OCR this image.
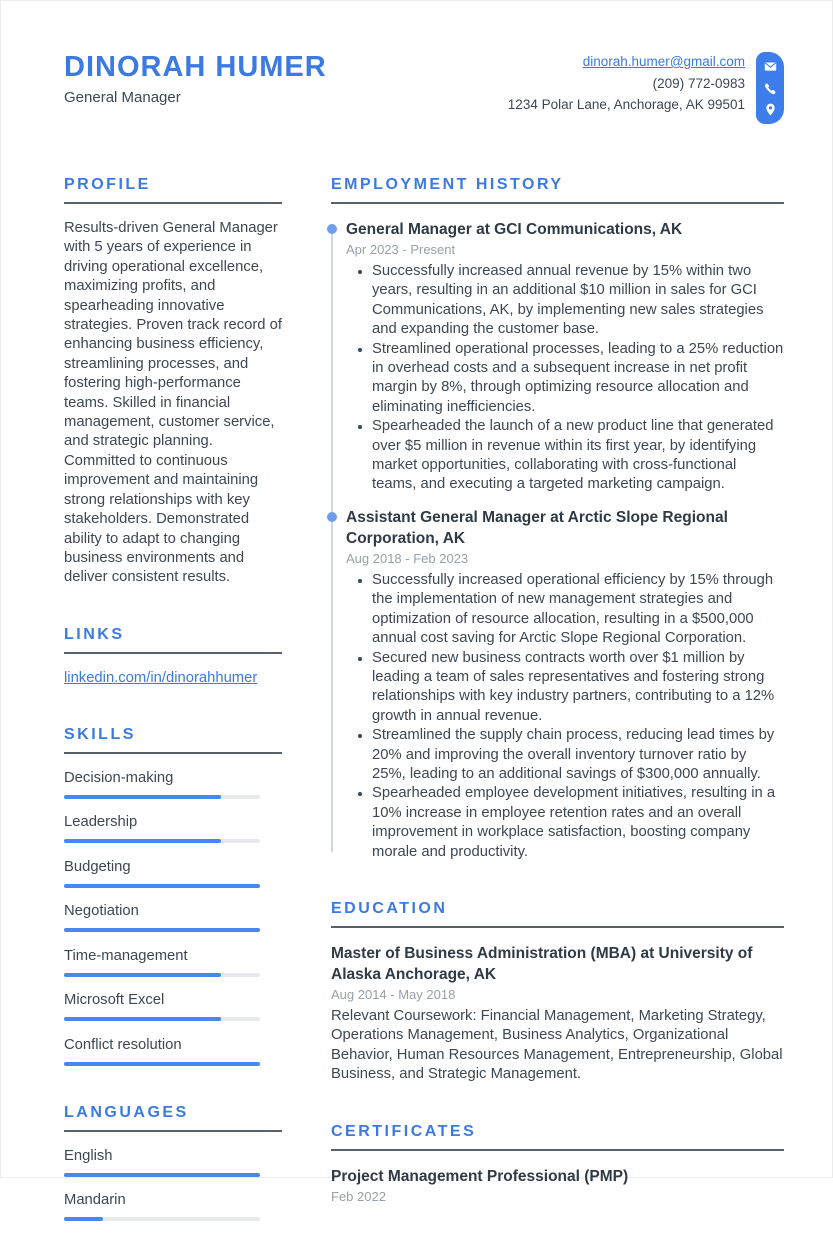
DINORAH HUMER
General Manager
dinorah.humer@gmail.com
(209) 772-0983
1234 Polar Lane, Anchorage, AK 99501
PROFILE
Results-driven General Manager with 5 years of experience in driving operational excellence, maximizing profits, and spearheading innovative strategies. Proven track record of enhancing business efficiency, streamlining processes, and fostering high-performance teams. Skilled in financial management, customer service, and strategic planning. Committed to continuous improvement and maintaining strong relationships with key stakeholders. Demonstrated ability to adapt to changing business environments and deliver consistent results.
LINKS
linkedin.com/in/dinorahhumer
SKILLS
Decision-making
Leadership
Budgeting
Negotiation
Time-management
Microsoft Excel
Conflict resolution
LANGUAGES
English
Mandarin
EMPLOYMENT HISTORY
General Manager at GCI Communications, AK
Apr 2023 - Present
• Successfully increased annual revenue by 15% within two years, resulting in an additional $10 million in sales for GCI Communications, AK, by implementing new sales strategies and expanding the customer base.
• Streamlined operational processes, leading to a 25% reduction in overhead costs and a subsequent increase in net profit margin by 8%, through optimizing resource allocation and eliminating inefficiencies.
• Spearheaded the launch of a new product line that generated over $5 million in revenue within its first year, by identifying market opportunities, collaborating with cross-functional teams, and executing a targeted marketing campaign.
Assistant General Manager at Arctic Slope Regional Corporation, AK
Aug 2018 - Feb 2023
• Successfully increased operational efficiency by 15% through the implementation of new management strategies and optimization of resource allocation, resulting in a $500,000 annual cost saving for Arctic Slope Regional Corporation.
• Secured new business contracts worth over $1 million by leading a team of sales representatives and fostering strong relationships with key industry partners, contributing to a 12% growth in annual revenue.
• Streamlined the supply chain process, reducing lead times by 20% and improving the overall inventory turnover ratio by 25%, leading to an additional savings of $300,000 annually.
• Spearheaded employee development initiatives, resulting in a 10% increase in employee retention rates and an overall improvement in workplace satisfaction, boosting company morale and productivity.
EDUCATION
Master of Business Administration (MBA) at University of Alaska Anchorage, AK
Aug 2014 - May 2018
Relevant Coursework: Financial Management, Marketing Strategy, Operations Management, Business Analytics, Organizational Behavior, Human Resources Management, Entrepreneurship, Global Business, and Strategic Management.
CERTIFICATES
Project Management Professional (PMP)
Feb 2022
